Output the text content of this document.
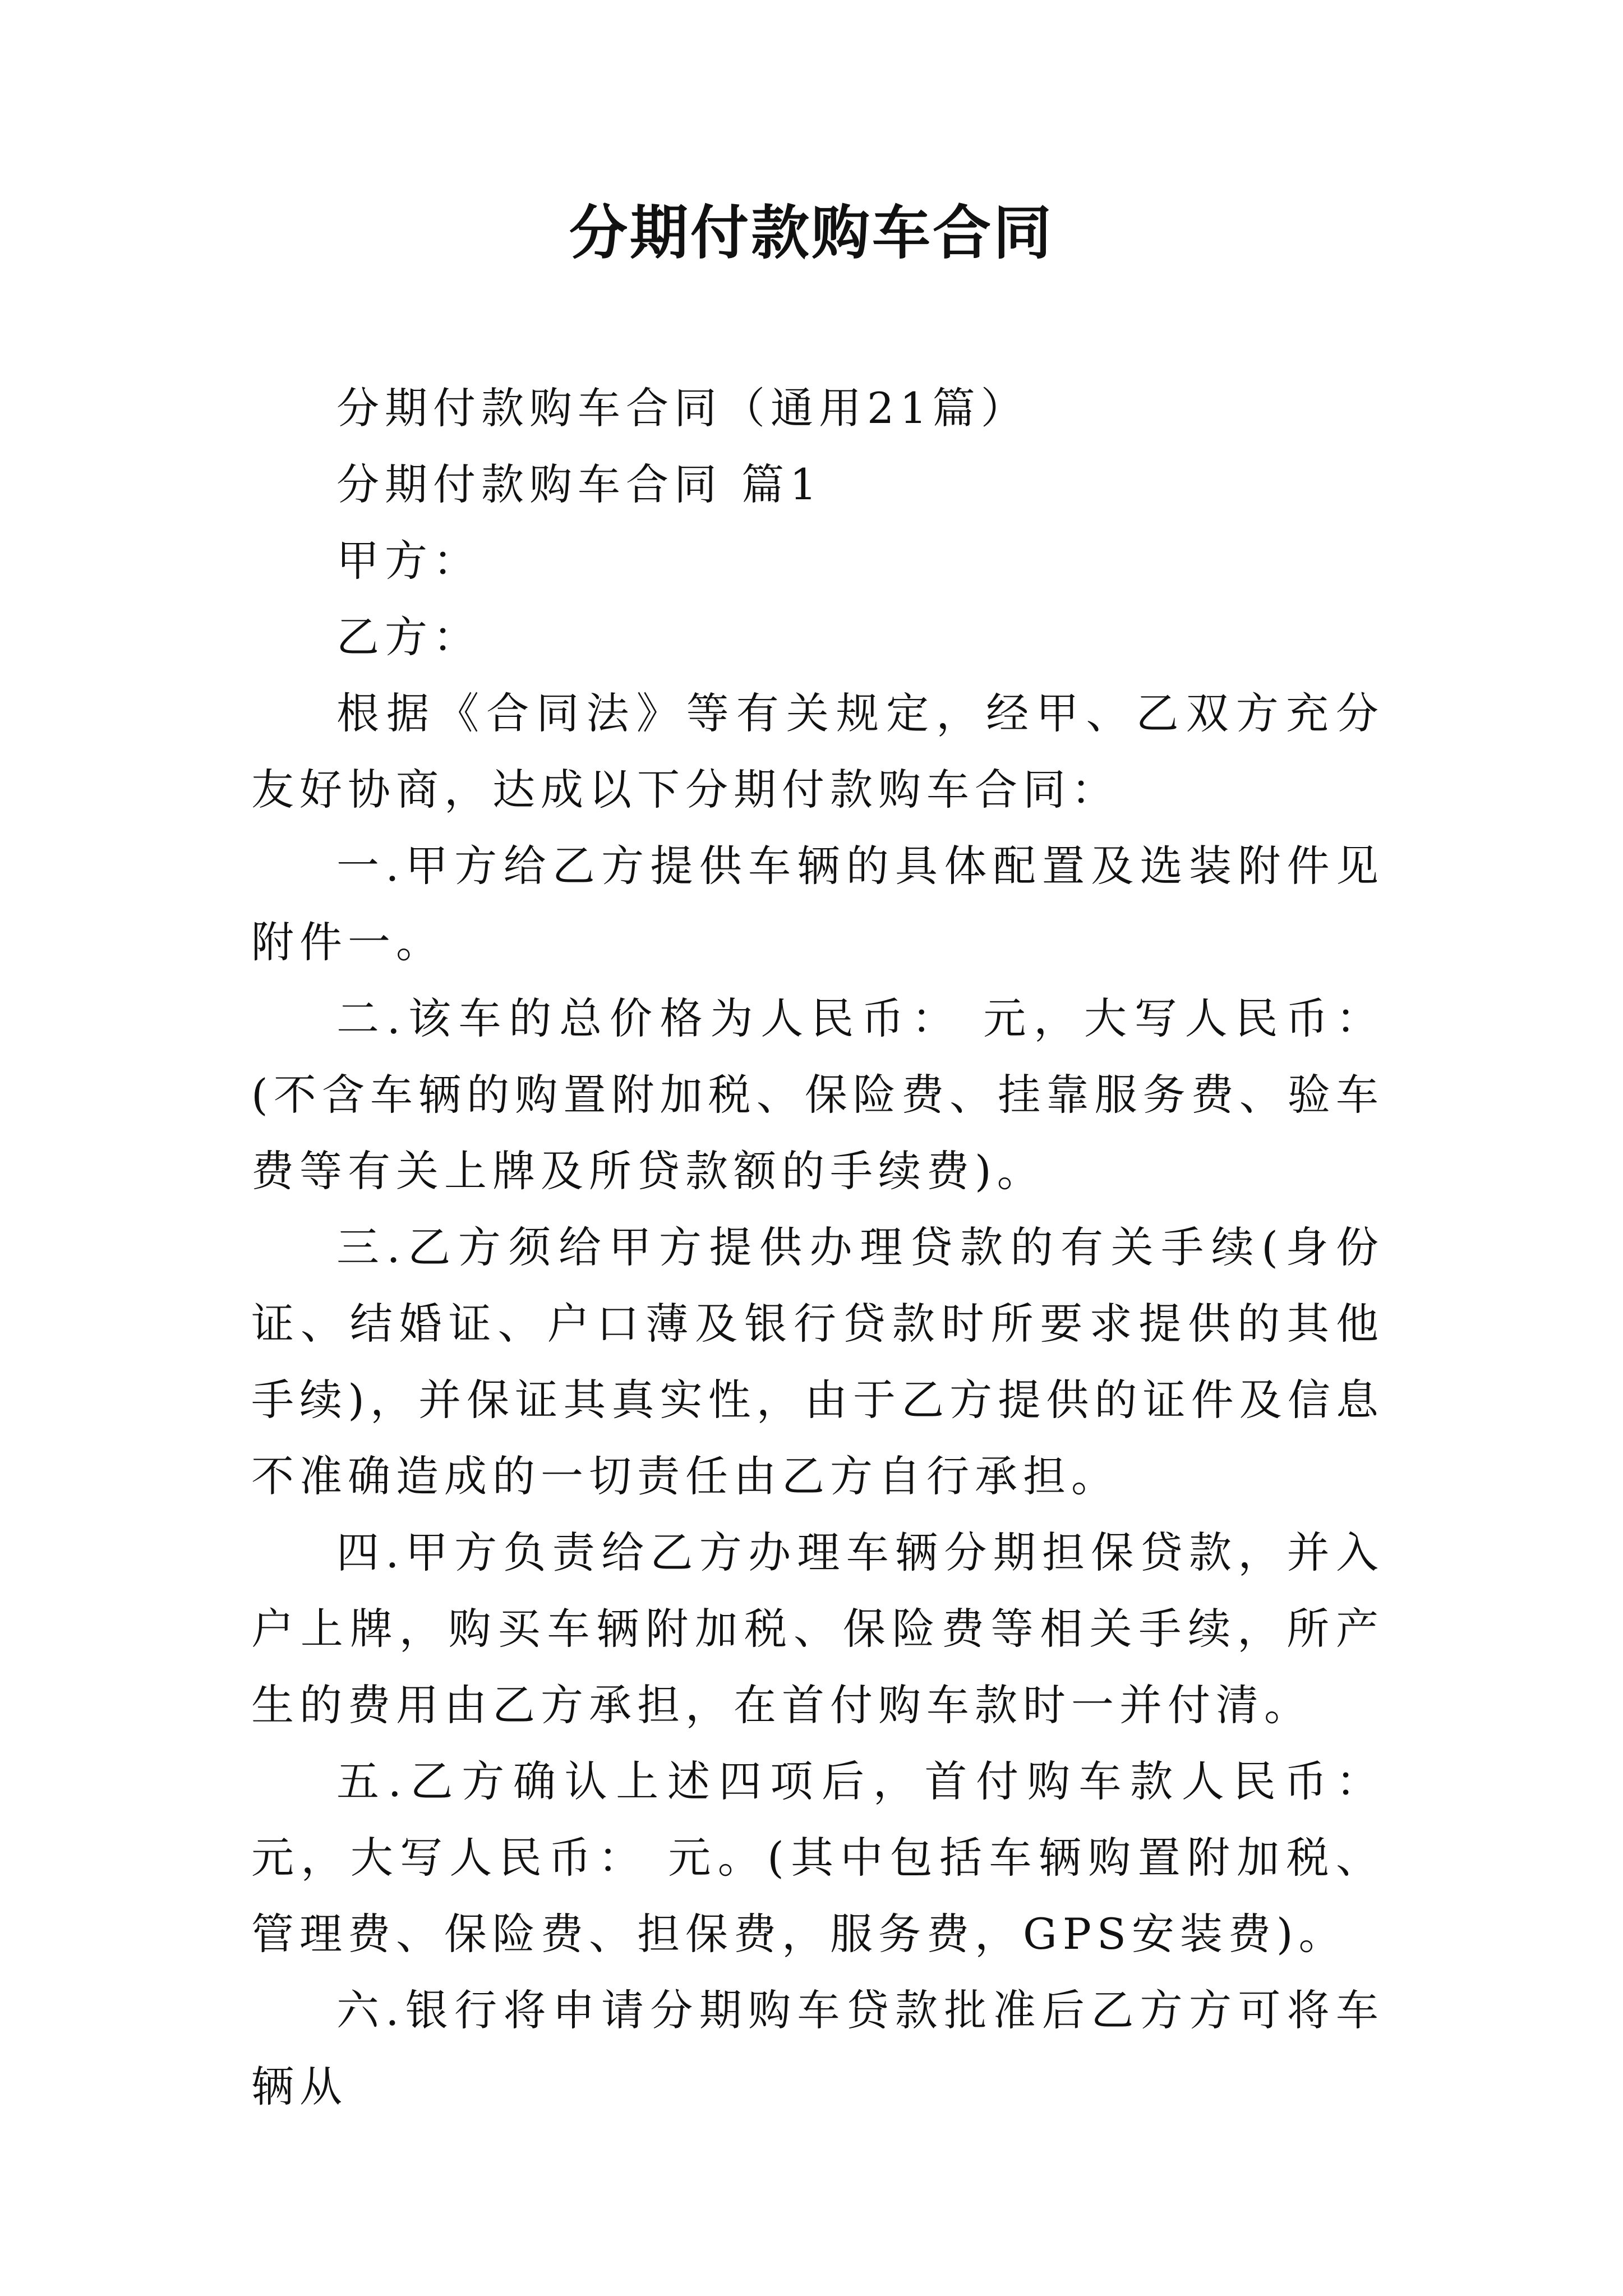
分期付款购车合同

分期付款购车合同（通用21篇）

分期付款购车合同 篇1

甲方：

乙方：

根据《合同法》等有关规定，经甲、乙双方充分友好协商，达成以下分期付款购车合同：

一.甲方给乙方提供车辆的具体配置及选装附件见附件一。

二.该车的总价格为人民币： 元，大写人民币： (不含车辆的购置附加税、保险费、挂靠服务费、验车费等有关上牌及所贷款额的手续费)。

三.乙方须给甲方提供办理贷款的有关手续(身份证、结婚证、户口薄及银行贷款时所要求提供的其他手续)，并保证其真实性，由于乙方提供的证件及信息不准确造成的一切责任由乙方自行承担。

四.甲方负责给乙方办理车辆分期担保贷款，并入户上牌，购买车辆附加税、保险费等相关手续，所产生的费用由乙方承担，在首付购车款时一并付清。

五.乙方确认上述四项后，首付购车款人民币： 元，大写人民币： 元。(其中包括车辆购置附加税、管理费、保险费、担保费，服务费，GPS安装费)。

六.银行将申请分期购车贷款批准后乙方方可将车辆从
